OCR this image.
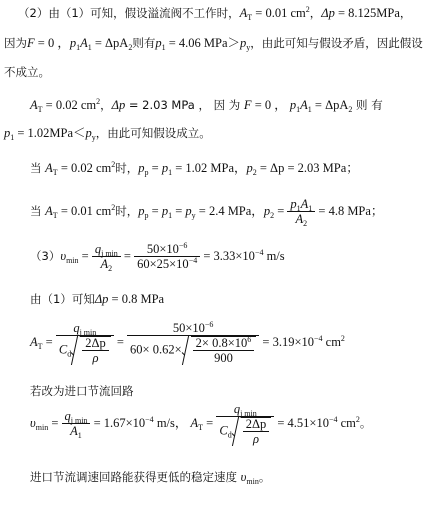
（2）由（1）可知，假设溢流阀不工作时，$A_T = 0.01$ $cm^2$，Δp = 8.125MPa，
因为F = 0 ，$p_1A_1 = \Delta pA_2$则有$p_1 = 4.06$ $MPa>p_y$，由此可知与假设矛盾，因此假设
不成立。
$A_T = 0.02$ $cm^2$，Δp = 2.03 MPa ， 因 为 F = 0 ， $p_1A_1 = \Delta pA_2$ 则 有
$p_1 = 1.02MPa<p_y$，由此可知假设成立。
当 $A_T = 0.02$ $cm^2$时，$p_p = p_1 = 1.02$ MPa，$p_2 = \Delta p = 2.03$ MPa；
当 $A_T = 0.01$ $cm^2$时，$p_p = p_1 = p_y = 2.4$ MPa，$p_2 = \frac{p_1A_1}{A_2} = 4.8$ MPa；
$(3)\upsilon_{min} = \frac{q_{j min}}{A_2} = \frac{50\times 10^{-6}}{60\times 25\times 10^{-4}} = 3.33\times 10^{-4}$ m/s
由（1）可知Δp = 0.8 MPa
$A_T = \frac{q_{j min}}{C_d \frac{2\Delta p}{\rho}} = \frac{50\times 10^{-6}}{60\times 0.62\times \frac{2\times 0.8\times 10^6}{900}} = 3.19\times 10^{-4}$ $cm^2$
若改为进口节流回路
$\upsilon_{min} = \frac{q_{j min}}{A_1} = 1.67\times 10^{-4}$ m/s， $A_T = \frac{q_{j min}}{C_d \frac{2\Delta p}{\rho}} = 4.51\times 10^{-4}$ $cm^2$。
进口节流调速回路能获得更低的稳定速度 $\upsilon_{min}$。
